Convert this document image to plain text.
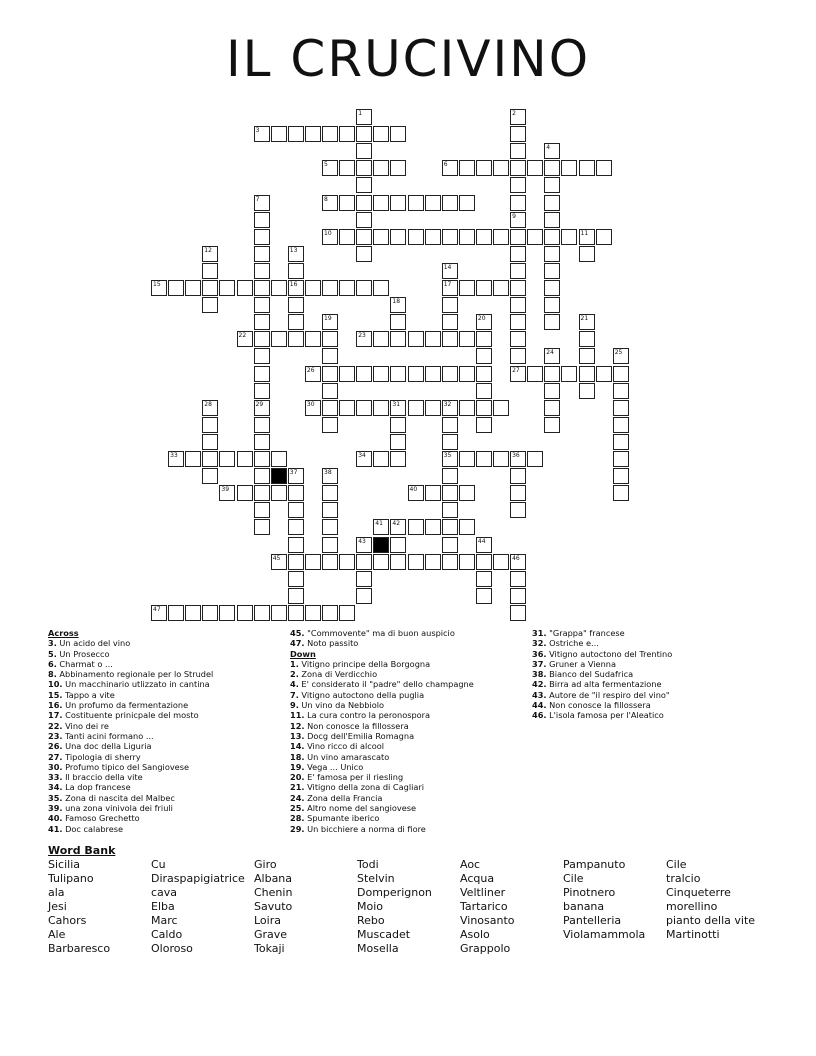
IL CRUCIVINO
1	2
9
3
4
5	6
7
29
8
10	11
12	13
16
14
17
15
18
19	20	21
22	23
24	25
26	27
28	30	31	32
35
33	34	36
37	38
39	40
41 42
43	44
45	46
47
Across
3. Un acido del vino
5. Un Prosecco
6. Charmat o ...
8. Abbinamento regionale per lo Strudel
10. Un macchinario utlizzato in cantina
15. Tappo a vite
16. Un profumo da fermentazione
17. Costituente prinicpale del mosto
22. Vino dei re
23. Tanti acini formano ...
26. Una doc della Liguria
27. Tipologia di sherry
30. Profumo tipico del Sangiovese
33. Il braccio della vite
34. La dop francese
35. Zona di nascita del Malbec
39. una zona vinivola dei friuli
40. Famoso Grechetto
41. Doc calabrese
45. "Commovente" ma di buon auspicio
47. Noto passito
Down
1. Vitigno principe della Borgogna
2. Zona di Verdicchio
4. E' considerato il "padre" dello champagne
7. Vitigno autoctono della puglia
9. Un vino da Nebbiolo
11. La cura contro la peronospora
12. Non conosce la fillossera
13. Docg dell'Emilia Romagna
14. Vino ricco di alcool
18. Un vino amarascato
19. Vega ... Unico
20. E' famosa per il riesling
21. Vitigno della zona di Cagliari
24. Zona della Francia
25. Altro nome del sangiovese
28. Spumante iberico
29. Un bicchiere a norma di fiore
31. "Grappa" francese
32. Ostriche e...
36. Vitigno autoctono del Trentino
37. Gruner a Vienna
38. Bianco del Sudafrica
42. Birra ad alta fermentazione
43. Autore de "il respiro del vino"
44. Non conosce la fillossera
46. L'isola famosa per l'Aleatico
Word Bank
Sicilia
Tulipano
ala
Jesi
Cahors
Ale
Barbaresco
Cu
Diraspapigiatrice
cava
Elba
Marc
Caldo
Oloroso
Giro
Albana
Chenin
Savuto
Loira
Grave
Tokaji
Todi
Stelvin
Domperignon
Moio
Rebo
Muscadet
Mosella
Aoc
Acqua
Veltliner
Tartarico
Vinosanto
Asolo
Grappolo
Pampanuto
Cile
Pinotnero
banana
Pantelleria
Violamammola
Cile
tralcio
Cinqueterre
morellino
pianto della vite
Martinotti
